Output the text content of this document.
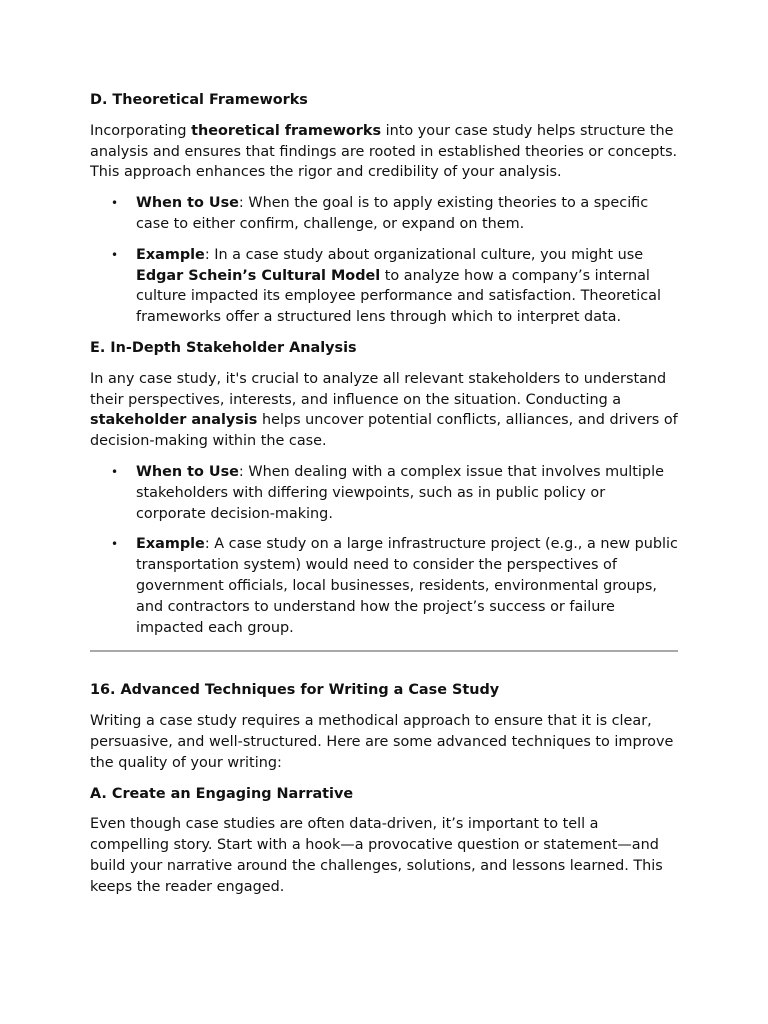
D. Theoretical Frameworks

Incorporating theoretical frameworks into your case study helps structure the analysis and ensures that findings are rooted in established theories or concepts. This approach enhances the rigor and credibility of your analysis.

• When to Use: When the goal is to apply existing theories to a specific case to either confirm, challenge, or expand on them.
• Example: In a case study about organizational culture, you might use Edgar Schein’s Cultural Model to analyze how a company’s internal culture impacted its employee performance and satisfaction. Theoretical frameworks offer a structured lens through which to interpret data.
E. In-Depth Stakeholder Analysis

In any case study, it's crucial to analyze all relevant stakeholders to understand their perspectives, interests, and influence on the situation. Conducting a stakeholder analysis helps uncover potential conflicts, alliances, and drivers of decision-making within the case.

• When to Use: When dealing with a complex issue that involves multiple stakeholders with differing viewpoints, such as in public policy or corporate decision-making.
• Example: A case study on a large infrastructure project (e.g., a new public transportation system) would need to consider the perspectives of government officials, local businesses, residents, environmental groups, and contractors to understand how the project’s success or failure impacted each group.
16. Advanced Techniques for Writing a Case Study

Writing a case study requires a methodical approach to ensure that it is clear, persuasive, and well-structured. Here are some advanced techniques to improve the quality of your writing:

A. Create an Engaging Narrative

Even though case studies are often data-driven, it’s important to tell a compelling story. Start with a hook—a provocative question or statement—and build your narrative around the challenges, solutions, and lessons learned. This keeps the reader engaged.
